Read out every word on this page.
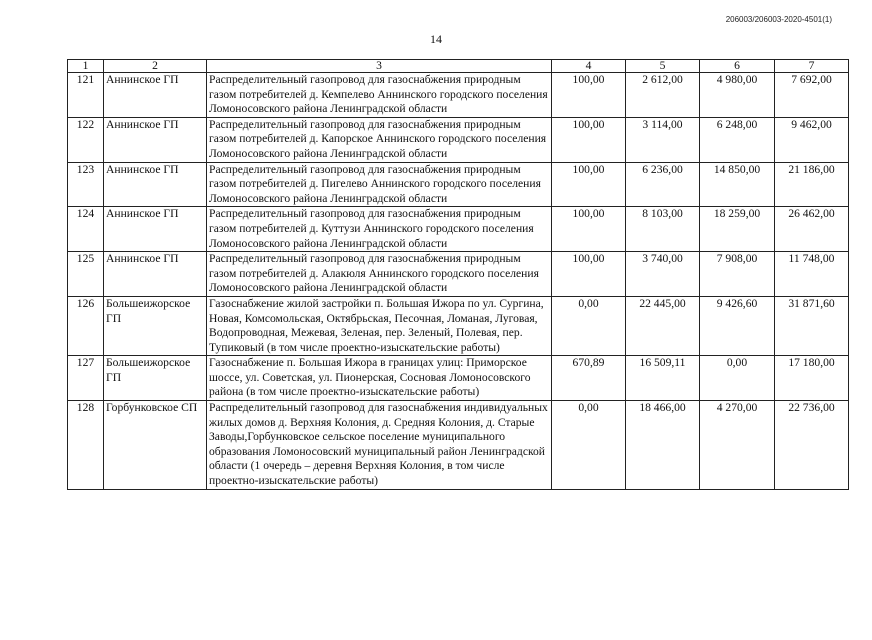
206003/206003-2020-4501(1)
14
1	2	3	4	5	6	7
121	Аннинское ГП	Распределительный газопровод для газоснабжения природным газом потребителей д. Кемпелево Аннинского городского поселения Ломоносовского района Ленинградской области	100,00	2 612,00	4 980,00	7 692,00
122	Аннинское ГП	Распределительный газопровод для газоснабжения природным газом потребителей д. Капорское Аннинского городского поселения Ломоносовского района Ленинградской области	100,00	3 114,00	6 248,00	9 462,00
123	Аннинское ГП	Распределительный газопровод для газоснабжения природным газом потребителей д. Пигелево Аннинского городского поселения Ломоносовского района Ленинградской области	100,00	6 236,00	14 850,00	21 186,00
124	Аннинское ГП	Распределительный газопровод для газоснабжения природным газом потребителей д. Куттузи Аннинского городского поселения Ломоносовского района Ленинградской области	100,00	8 103,00	18 259,00	26 462,00
125	Аннинское ГП	Распределительный газопровод для газоснабжения природным газом потребителей д. Алакюля Аннинского городского поселения Ломоносовского района Ленинградской области	100,00	3 740,00	7 908,00	11 748,00
126	Большеижорское ГП	Газоснабжение жилой застройки п. Большая Ижора по ул. Сургина, Новая, Комсомольская, Октябрьская, Песочная, Ломаная, Луговая, Водопроводная, Межевая, Зеленая, пер. Зеленый, Полевая, пер. Тупиковый (в том числе проектно-изыскательские работы)	0,00	22 445,00	9 426,60	31 871,60
127	Большеижорское ГП	Газоснабжение п. Большая Ижора в границах улиц: Приморское шоссе, ул. Советская, ул. Пионерская, Сосновая Ломоносовского района (в том числе проектно-изыскательские работы)	670,89	16 509,11	0,00	17 180,00
128	Горбунковское СП	Распределительный газопровод для газоснабжения индивидуальных жилых домов д. Верхняя Колония, д. Средняя Колония, д. Старые Заводы,Горбунковское сельское поселение муниципального образования Ломоносовский муниципальный район Ленинградской области (1 очередь – деревня Верхняя Колония, в том числе проектно-изыскательские работы)	0,00	18 466,00	4 270,00	22 736,00
